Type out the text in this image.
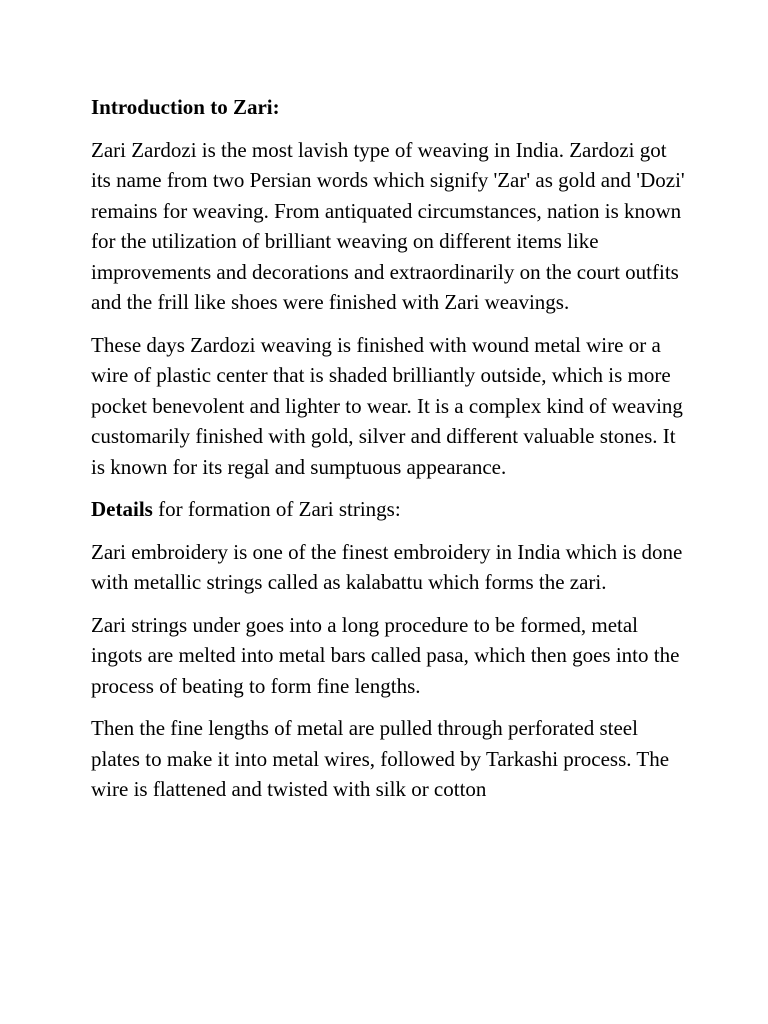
Introduction to Zari:

Zari Zardozi is the most lavish type of weaving in India. Zardozi got its name from two Persian words which signify 'Zar' as gold and 'Dozi' remains for weaving. From antiquated circumstances, nation is known for the utilization of brilliant weaving on different items like improvements and decorations and extraordinarily on the court outfits and the frill like shoes were finished with Zari weavings.

These days Zardozi weaving is finished with wound metal wire or a wire of plastic center that is shaded brilliantly outside, which is more pocket benevolent and lighter to wear. It is a complex kind of weaving customarily finished with gold, silver and different valuable stones. It is known for its regal and sumptuous appearance.

Details for formation of Zari strings:

Zari embroidery is one of the finest embroidery in India which is done with metallic strings called as kalabattu which forms the zari.

Zari strings under goes into a long procedure to be formed, metal ingots are melted into metal bars called pasa, which then goes into the process of beating to form fine lengths.

Then the fine lengths of metal are pulled through perforated steel plates to make it into metal wires, followed by Tarkashi process. The wire is flattened and twisted with silk or cotton
